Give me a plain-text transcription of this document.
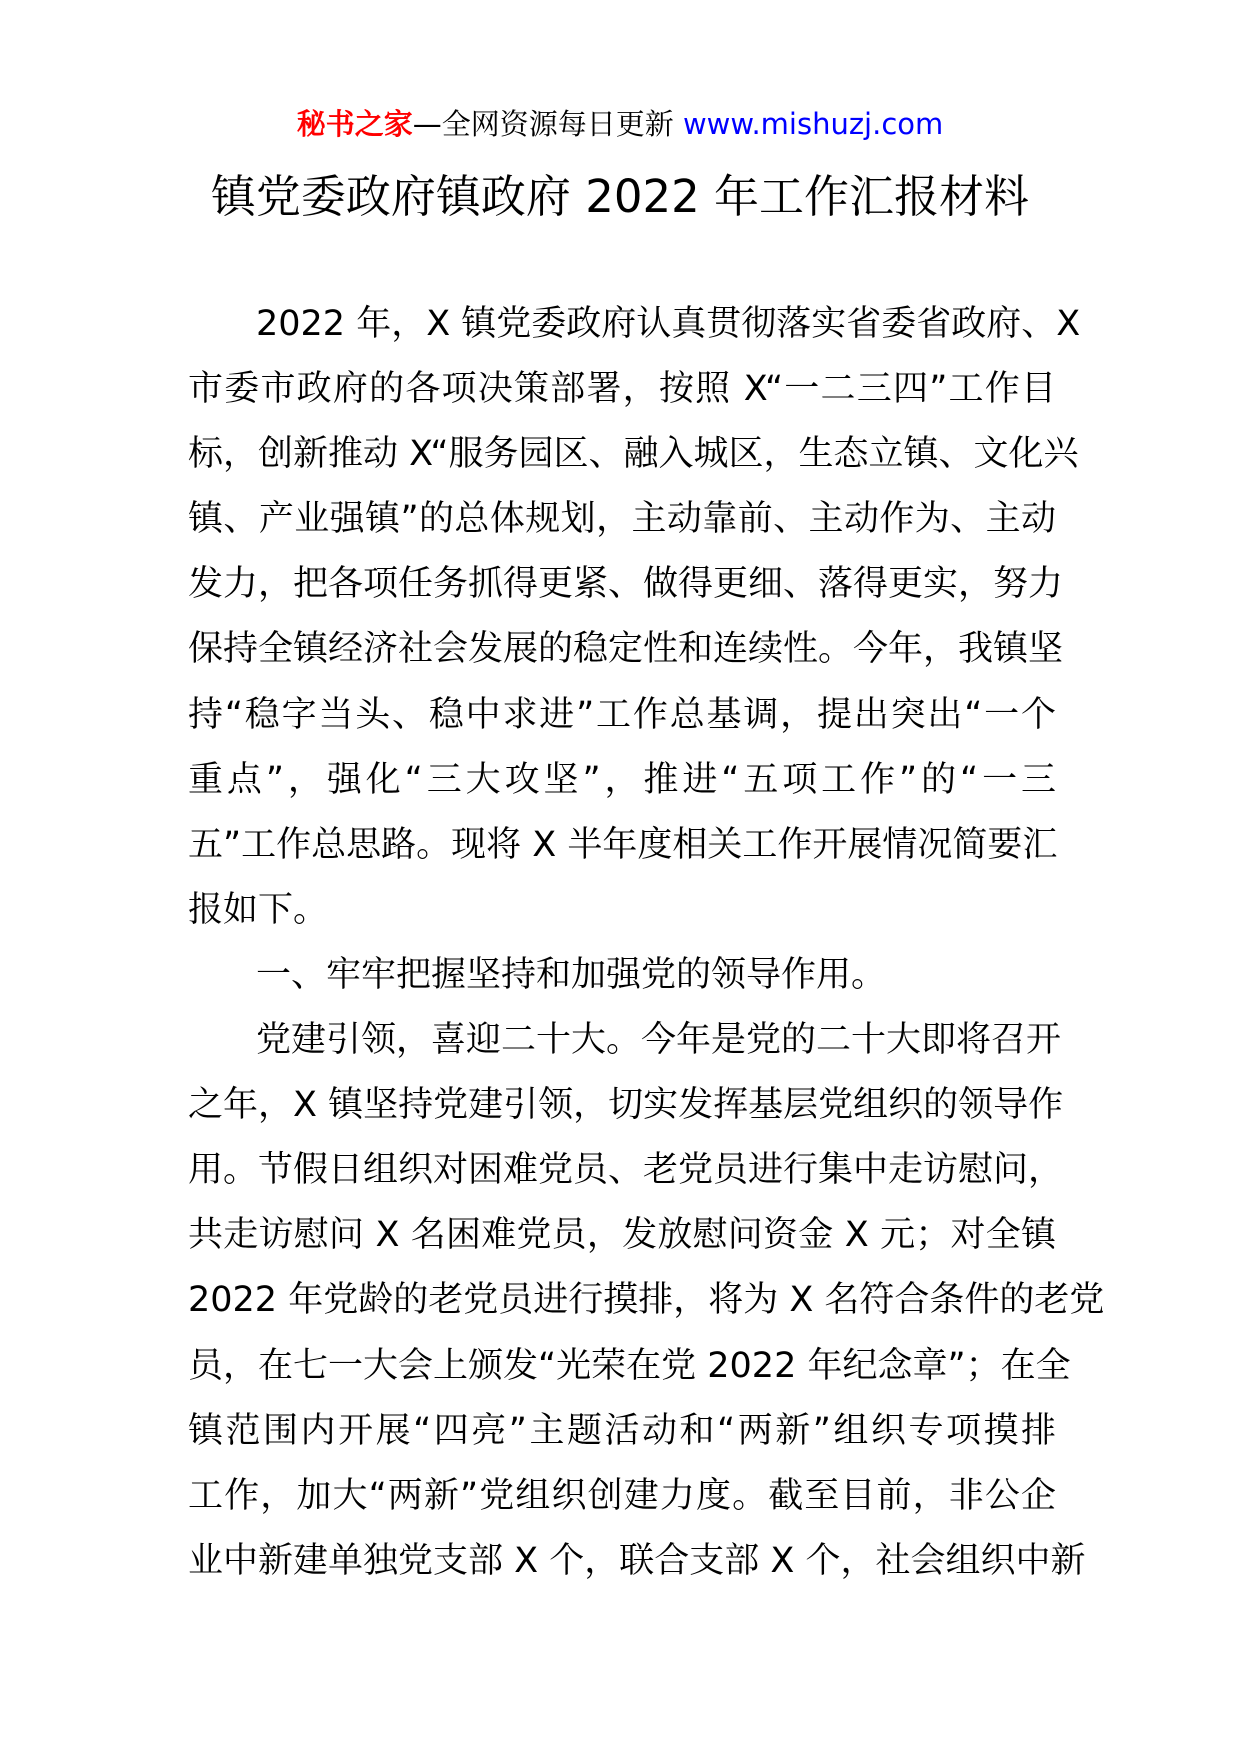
秘书之家—全网资源每日更新 www.mishuzj.com
镇党委政府镇政府 2022 年工作汇报材料
2022 年，X 镇党委政府认真贯彻落实省委省政府、X
市委市政府的各项决策部署，按照 X“一二三四”工作目
标，创新推动 X“服务园区、融入城区，生态立镇、文化兴
镇、产业强镇”的总体规划，主动靠前、主动作为、主动
发力，把各项任务抓得更紧、做得更细、落得更实，努力
保持全镇经济社会发展的稳定性和连续性。今年，我镇坚
持“稳字当头、稳中求进”工作总基调，提出突出“一个
重点”，强化“三大攻坚”，推进“五项工作”的“一三
五”工作总思路。现将 X 半年度相关工作开展情况简要汇
报如下。
一、牢牢把握坚持和加强党的领导作用。
党建引领，喜迎二十大。今年是党的二十大即将召开
之年，X 镇坚持党建引领，切实发挥基层党组织的领导作
用。节假日组织对困难党员、老党员进行集中走访慰问，
共走访慰问 X 名困难党员，发放慰问资金 X 元；对全镇
2022 年党龄的老党员进行摸排，将为 X 名符合条件的老党
员，在七一大会上颁发“光荣在党 2022 年纪念章”；在全
镇范围内开展“四亮”主题活动和“两新”组织专项摸排
工作，加大“两新”党组织创建力度。截至目前，非公企
业中新建单独党支部 X 个，联合支部 X 个，社会组织中新
